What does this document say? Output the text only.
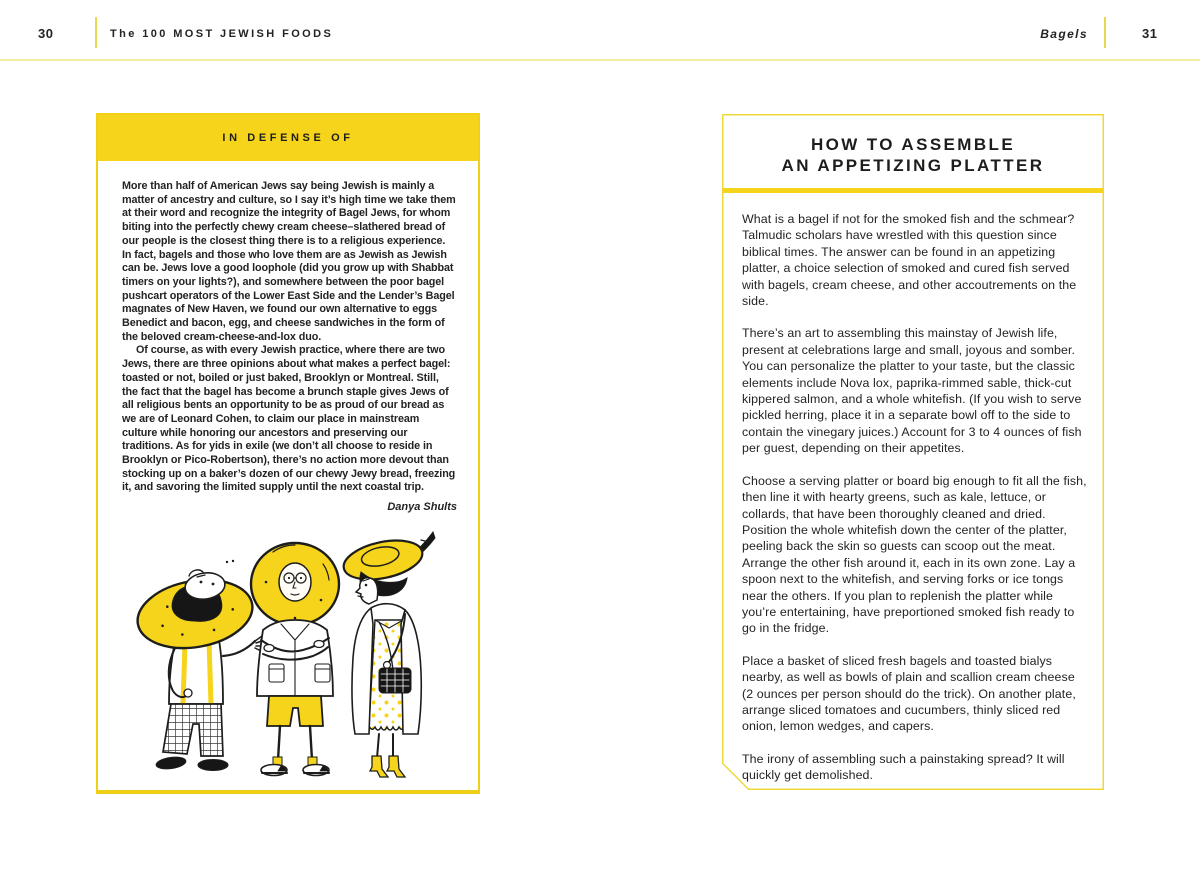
30	The 100 MOST JEWISH FOODS	Bagels	31
IN DEFENSE OF

More than half of American Jews say being Jewish is mainly a matter of ancestry and culture, so I say it’s high time we take them at their word and recognize the integrity of Bagel Jews, for whom biting into the perfectly chewy cream cheese–slathered bread of our people is the closest thing there is to a religious experience. In fact, bagels and those who love them are as Jewish as Jewish can be. Jews love a good loophole (did you grow up with Shabbat timers on your lights?), and somewhere between the poor bagel pushcart operators of the Lower East Side and the Lender’s Bagel magnates of New Haven, we found our own alternative to eggs Benedict and bacon, egg, and cheese sandwiches in the form of the beloved cream-cheese-and-lox duo.

Of course, as with every Jewish practice, where there are two Jews, there are three opinions about what makes a perfect bagel: toasted or not, boiled or just baked, Brooklyn or Montreal. Still, the fact that the bagel has become a brunch staple gives Jews of all religious bents an opportunity to be as proud of our bread as we are of Leonard Cohen, to claim our place in mainstream culture while honoring our ancestors and preserving our traditions. As for yids in exile (we don’t all choose to reside in Brooklyn or Pico-Robertson), there’s no action more devout than stocking up on a baker’s dozen of our chewy Jewy bread, freezing it, and savoring the limited supply until the next coastal trip.

Danya Shults
HOW TO ASSEMBLE
AN APPETIZING PLATTER

What is a bagel if not for the smoked fish and the schmear? Talmudic scholars have wrestled with this question since biblical times. The answer can be found in an appetizing platter, a choice selection of smoked and cured fish served with bagels, cream cheese, and other accoutrements on the side.

There’s an art to assembling this mainstay of Jewish life, present at celebrations large and small, joyous and somber. You can personalize the platter to your taste, but the classic elements include Nova lox, paprika-rimmed sable, thick-cut kippered salmon, and a whole whitefish. (If you wish to serve pickled herring, place it in a separate bowl off to the side to contain the vinegary juices.) Account for 3 to 4 ounces of fish per guest, depending on their appetites.

Choose a serving platter or board big enough to fit all the fish, then line it with hearty greens, such as kale, lettuce, or collards, that have been thoroughly cleaned and dried. Position the whole whitefish down the center of the platter, peeling back the skin so guests can scoop out the meat. Arrange the other fish around it, each in its own zone. Lay a spoon next to the whitefish, and serving forks or ice tongs near the others. If you plan to replenish the platter while you’re entertaining, have preportioned smoked fish ready to go in the fridge.

Place a basket of sliced fresh bagels and toasted bialys nearby, as well as bowls of plain and scallion cream cheese (2 ounces per person should do the trick). On another plate, arrange sliced tomatoes and cucumbers, thinly sliced red onion, lemon wedges, and capers.

The irony of assembling such a painstaking spread? It will quickly get demolished.
